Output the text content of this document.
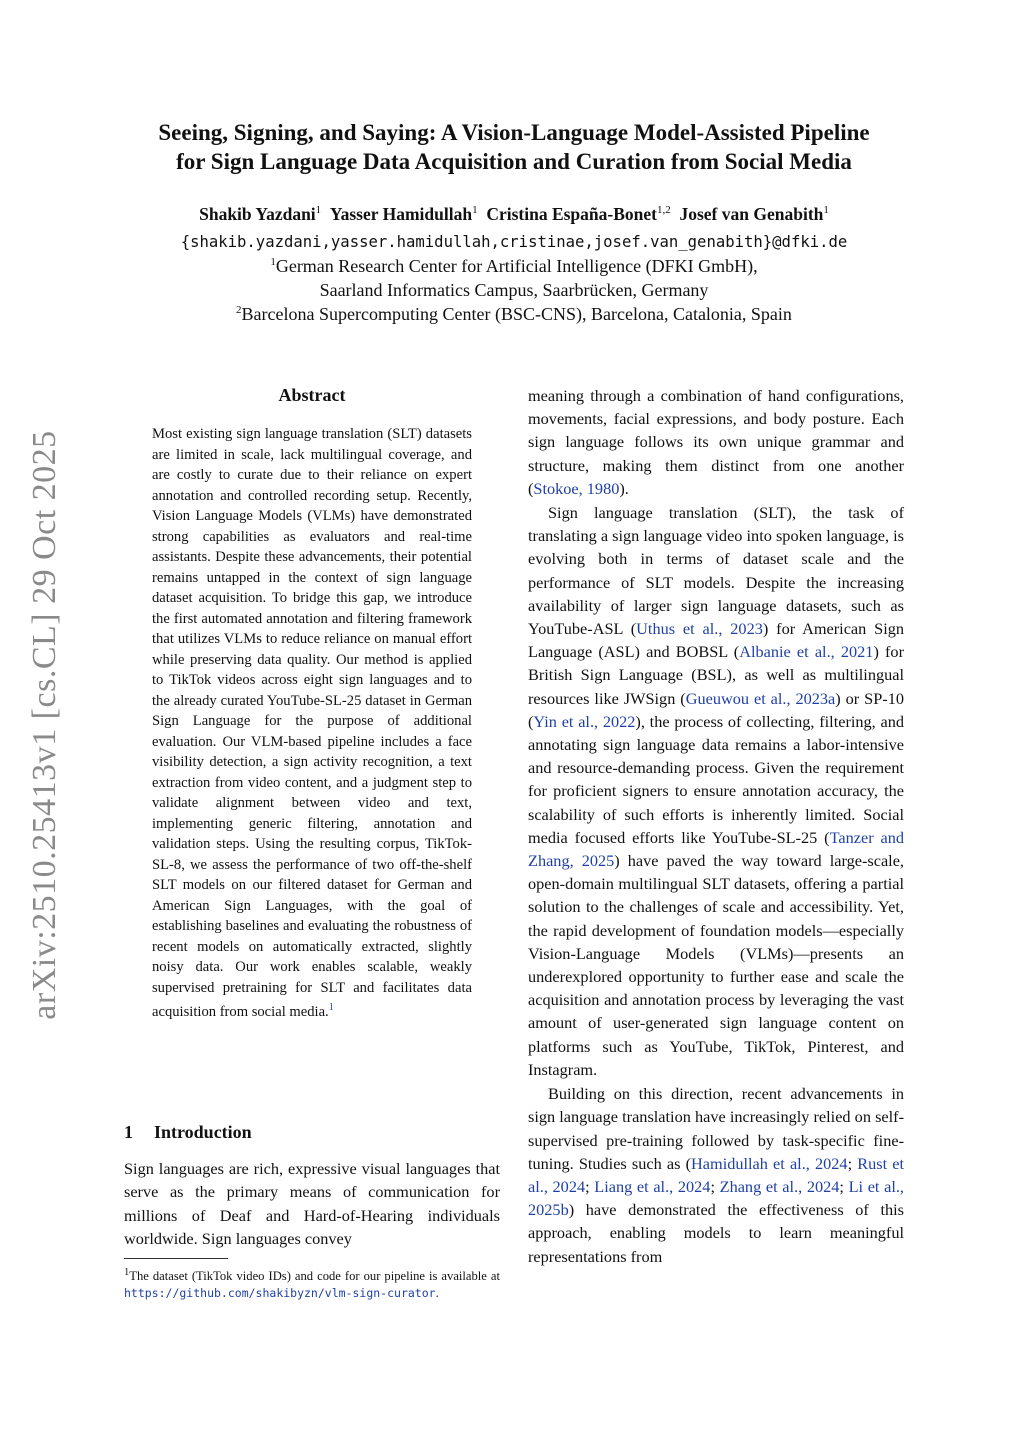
arXiv:2510.25413v1 [cs.CL] 29 Oct 2025
Seeing, Signing, and Saying: A Vision-Language Model-Assisted Pipeline
for Sign Language Data Acquisition and Curation from Social Media
Shakib Yazdani$^1$ Yasser Hamidullah$^1$ Cristina España-Bonet$^{1,2}$ Josef van Genabith$^1$
{shakib.yazdani,yasser.hamidullah,cristinae,josef.van_genabith}@dfki.de
$^1$German Research Center for Artificial Intelligence (DFKI GmbH),
Saarland Informatics Campus, Saarbrücken, Germany
$^2$Barcelona Supercomputing Center (BSC-CNS), Barcelona, Catalonia, Spain
Abstract
Most existing sign language translation (SLT) datasets are limited in scale, lack multilingual coverage, and are costly to curate due to their reliance on expert annotation and controlled recording setup. Recently, Vision Language Models (VLMs) have demonstrated strong capabilities as evaluators and real-time assistants. Despite these advancements, their potential remains untapped in the context of sign language dataset acquisition. To bridge this gap, we introduce the first automated annotation and filtering framework that utilizes VLMs to reduce reliance on manual effort while preserving data quality. Our method is applied to TikTok videos across eight sign languages and to the already curated YouTube-SL-25 dataset in German Sign Language for the purpose of additional evaluation. Our VLM-based pipeline includes a face visibility detection, a sign activity recognition, a text extraction from video content, and a judgment step to validate alignment between video and text, implementing generic filtering, annotation and validation steps. Using the resulting corpus, TikTok-SL-8, we assess the performance of two off-the-shelf SLT models on our filtered dataset for German and American Sign Languages, with the goal of establishing baselines and evaluating the robustness of recent models on automatically extracted, slightly noisy data. Our work enables scalable, weakly supervised pretraining for SLT and facilitates data acquisition from social media.$^1$
1 Introduction
Sign languages are rich, expressive visual languages that serve as the primary means of communication for millions of Deaf and Hard-of-Hearing individuals worldwide. Sign languages convey
$^1$The dataset (TikTok video IDs) and code for our pipeline is available at https://github.com/shakibyzn/vlm-sign-curator.

meaning through a combination of hand configurations, movements, facial expressions, and body posture. Each sign language follows its own unique grammar and structure, making them distinct from one another (Stokoe, 1980).

Sign language translation (SLT), the task of translating a sign language video into spoken language, is evolving both in terms of dataset scale and the performance of SLT models. Despite the increasing availability of larger sign language datasets, such as YouTube-ASL (Uthus et al., 2023) for American Sign Language (ASL) and BOBSL (Albanie et al., 2021) for British Sign Language (BSL), as well as multilingual resources like JWSign (Gueuwou et al., 2023a) or SP-10 (Yin et al., 2022), the process of collecting, filtering, and annotating sign language data remains a labor-intensive and resource-demanding process. Given the requirement for proficient signers to ensure annotation accuracy, the scalability of such efforts is inherently limited. Social media focused efforts like YouTube-SL-25 (Tanzer and Zhang, 2025) have paved the way toward large-scale, open-domain multilingual SLT datasets, offering a partial solution to the challenges of scale and accessibility. Yet, the rapid development of foundation models—especially Vision-Language Models (VLMs)—presents an underexplored opportunity to further ease and scale the acquisition and annotation process by leveraging the vast amount of user-generated sign language content on platforms such as YouTube, TikTok, Pinterest, and Instagram.

Building on this direction, recent advancements in sign language translation have increasingly relied on self-supervised pre-training followed by task-specific fine-tuning. Studies such as (Hamidullah et al., 2024; Rust et al., 2024; Liang et al., 2024; Zhang et al., 2024; Li et al., 2025b) have demonstrated the effectiveness of this approach, enabling models to learn meaningful representations from
